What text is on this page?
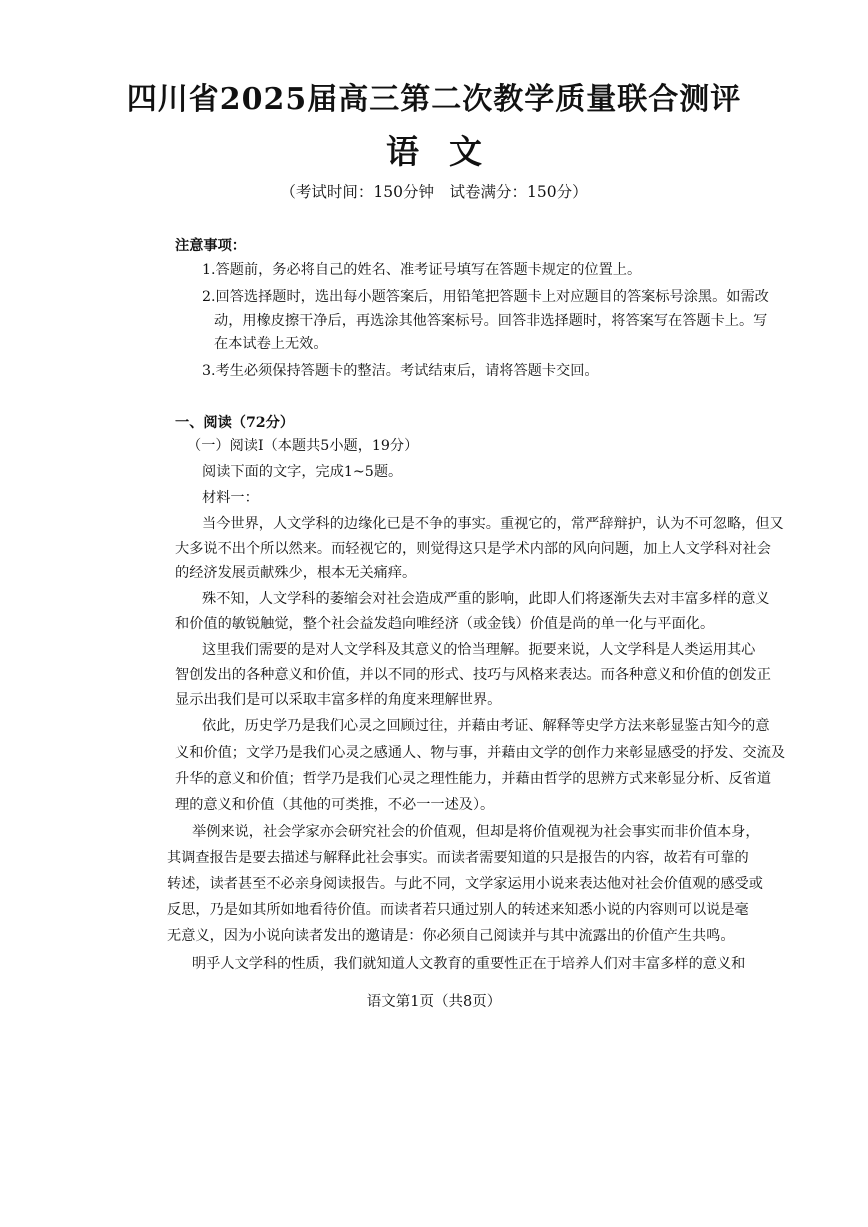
四川省2025届高三第二次教学质量联合测评
语文
（考试时间：150分钟　试卷满分：150分）
注意事项：
1.答题前，务必将自己的姓名、准考证号填写在答题卡规定的位置上。
2.回答选择题时，选出每小题答案后，用铅笔把答题卡上对应题目的答案标号涂黑。如需改
动，用橡皮擦干净后，再选涂其他答案标号。回答非选择题时，将答案写在答题卡上。写
在本试卷上无效。
3.考生必须保持答题卡的整洁。考试结束后，请将答题卡交回。
一、阅读（72分）
（一）阅读Ⅰ（本题共5小题，19分）
阅读下面的文字，完成1~5题。
材料一：
当今世界，人文学科的边缘化已是不争的事实。重视它的，常严辞辩护，认为不可忽略，但又
大多说不出个所以然来。而轻视它的，则觉得这只是学术内部的风向问题，加上人文学科对社会
的经济发展贡献殊少，根本无关痛痒。
殊不知，人文学科的萎缩会对社会造成严重的影响，此即人们将逐渐失去对丰富多样的意义
和价值的敏锐触觉，整个社会益发趋向唯经济（或金钱）价值是尚的单一化与平面化。
这里我们需要的是对人文学科及其意义的恰当理解。扼要来说，人文学科是人类运用其心
智创发出的各种意义和价值，并以不同的形式、技巧与风格来表达。而各种意义和价值的创发正
显示出我们是可以采取丰富多样的角度来理解世界。
依此，历史学乃是我们心灵之回顾过往，并藉由考证、解释等史学方法来彰显鉴古知今的意
义和价值；文学乃是我们心灵之感通人、物与事，并藉由文学的创作力来彰显感受的抒发、交流及
升华的意义和价值；哲学乃是我们心灵之理性能力，并藉由哲学的思辨方式来彰显分析、反省道
理的意义和价值（其他的可类推，不必一一述及）。
举例来说，社会学家亦会研究社会的价值观，但却是将价值观视为社会事实而非价值本身，
其调查报告是要去描述与解释此社会事实。而读者需要知道的只是报告的内容，故若有可靠的
转述，读者甚至不必亲身阅读报告。与此不同，文学家运用小说来表达他对社会价值观的感受或
反思，乃是如其所如地看待价值。而读者若只通过别人的转述来知悉小说的内容则可以说是毫
无意义，因为小说向读者发出的邀请是：你必须自己阅读并与其中流露出的价值产生共鸣。
明乎人文学科的性质，我们就知道人文教育的重要性正在于培养人们对丰富多样的意义和
语文第1页（共8页）
